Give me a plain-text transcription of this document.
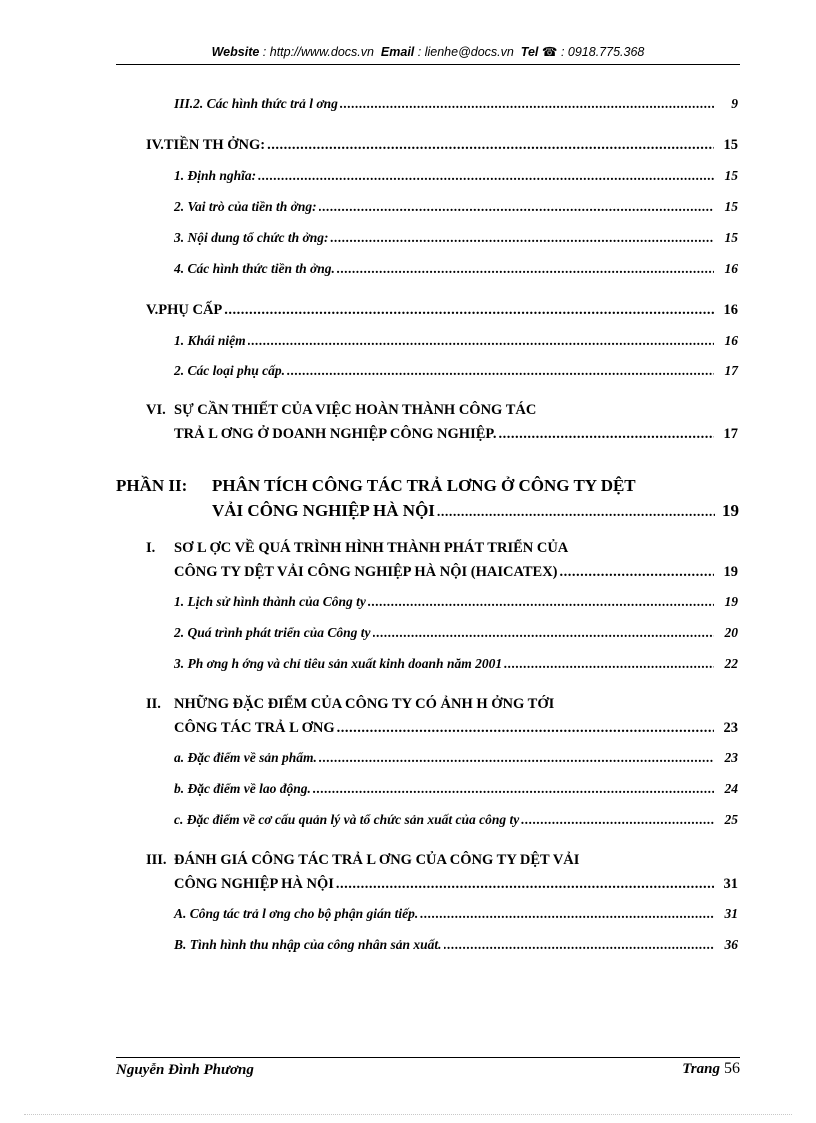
Website : http://www.docs.vn Email : lienhe@docs.vn Tel ☎ : 0918.775.368
III.2. Các hình thức trả l ơng .....	9
IV. TIỀN TH ỞNG: .....	15
1. Định nghĩa: .....	15
2. Vai trò của tiền th ởng: .....	15
3. Nội dung tổ chức th ởng: .....	15
4. Các hình thức tiền th ởng. .....	16
V. PHỤ CẤP .....	16
1. Khái niệm .....	16
2. Các loại phụ cấp. .....	17
VI. SỰ CẦN THIẾT CỦA VIỆC HOÀN THÀNH CÔNG TÁC
TRẢ L ƠNG Ở DOANH NGHIỆP CÔNG NGHIỆP. .....	17
PHẦN II: PHÂN TÍCH CÔNG TÁC TRẢ LƠNG Ở CÔNG TY DỆT
VẢI CÔNG NGHIỆP HÀ NỘI .....	19
I. SƠ L ỢC VỀ QUÁ TRÌNH HÌNH THÀNH PHÁT TRIỂN CỦA
CÔNG TY DỆT VẢI CÔNG NGHIỆP HÀ NỘI (HAICATEX) .....	19
1. Lịch sử hình thành của Công ty .....	19
2. Quá trình phát triển của Công ty .....	20
3. Ph ơng h ớng và chỉ tiêu sản xuất kinh doanh năm 2001 .....	22
II. NHỮNG ĐẶC ĐIỂM CỦA CÔNG TY CÓ ẢNH H ỞNG TỚI
CÔNG TÁC TRẢ L ƠNG .....	23
a. Đặc điểm về sản phẩm. .....	23
b. Đặc điểm về lao động. .....	24
c. Đặc điểm về cơ cấu quản lý và tổ chức sản xuất của công ty .....	25
III. ĐÁNH GIÁ CÔNG TÁC TRẢ L ƠNG CỦA CÔNG TY DỆT VẢI
CÔNG NGHIỆP HÀ NỘI .....	31
A. Công tác trả l ơng cho bộ phận gián tiếp. .....	31
B. Tình hình thu nhập của công nhân sản xuất. .....	36
Nguyễn Đình Phương	Trang 56
